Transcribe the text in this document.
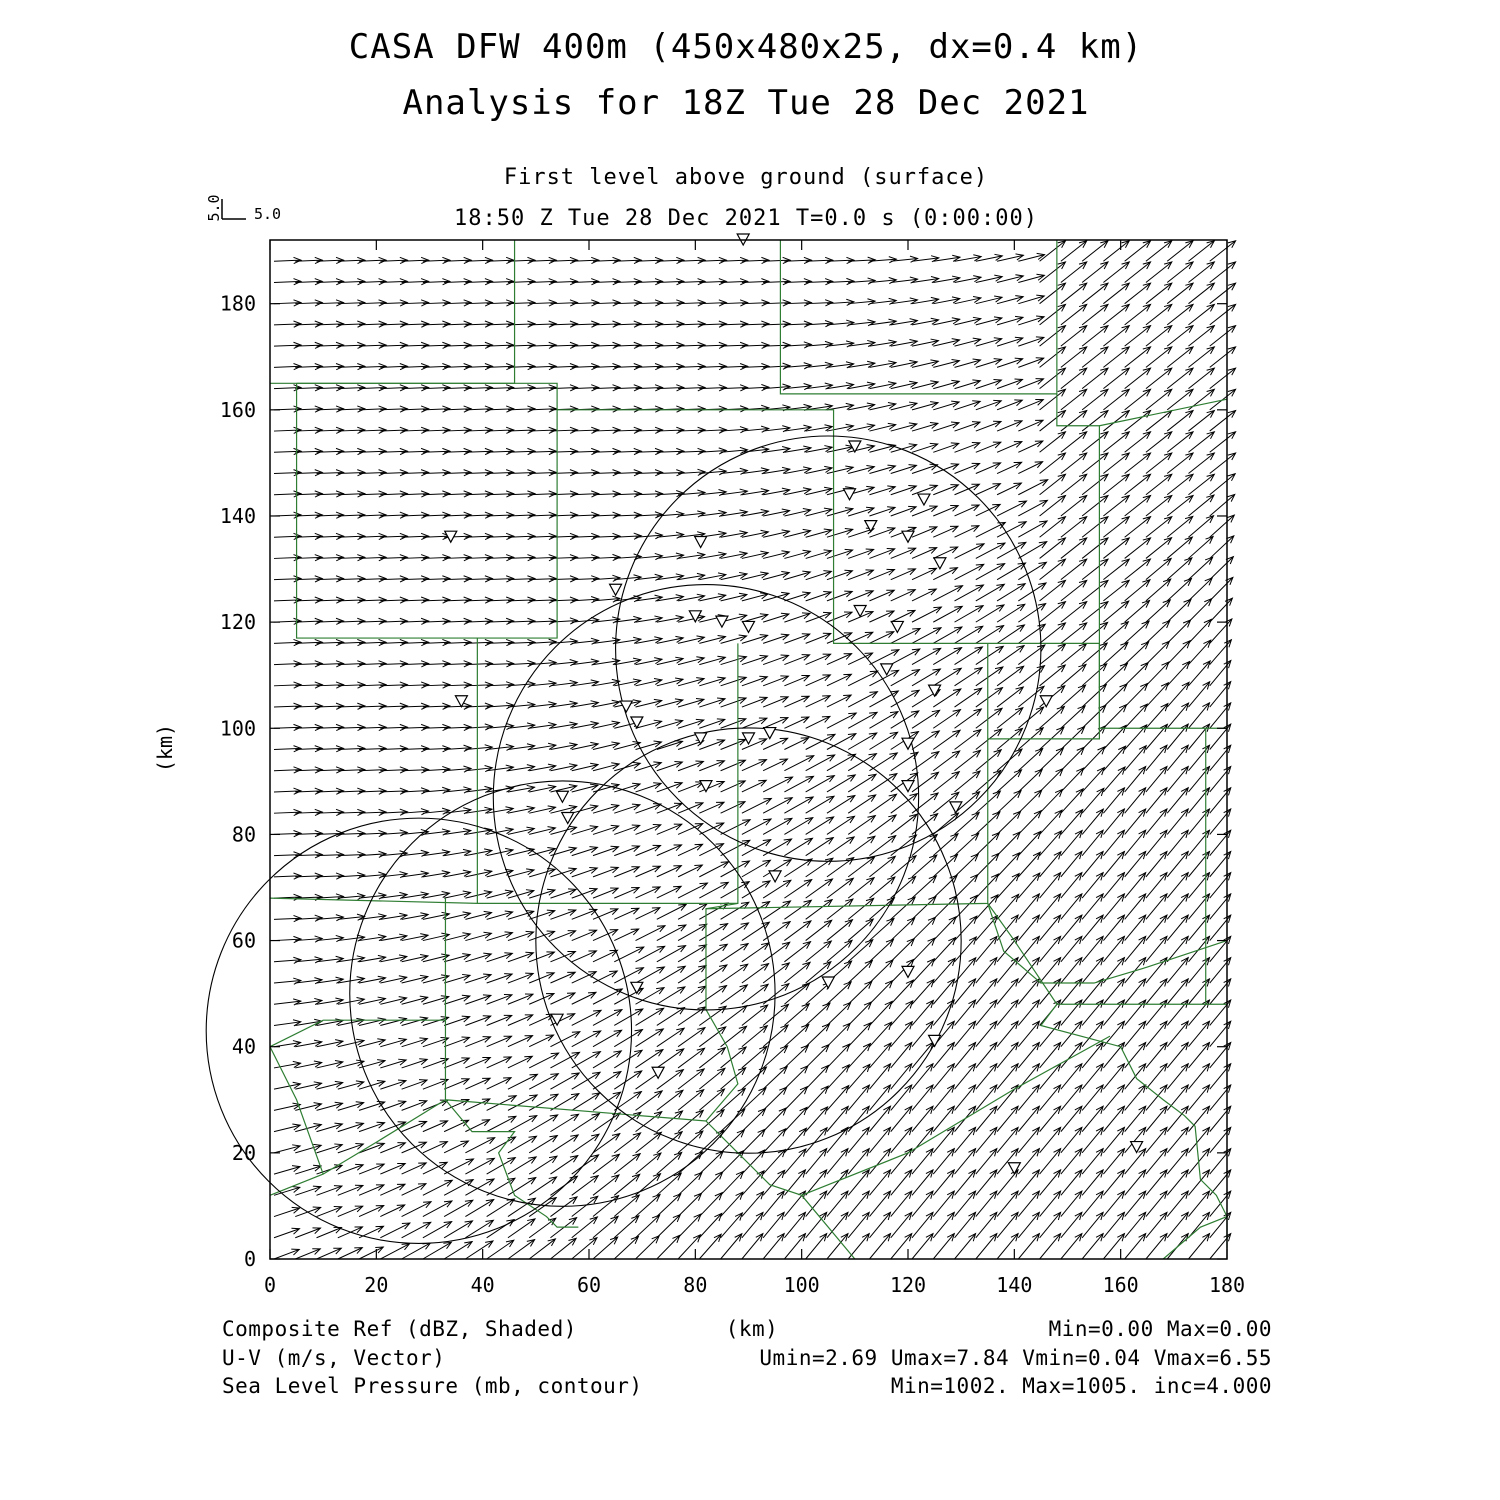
CASA DFW 400m (450x480x25, dx=0.4 km)
Analysis for 18Z Tue 28 Dec 2021
First level above ground (surface)
18:50 Z Tue 28 Dec 2021 T=0.0 s (0:00:00)
5.0 5.0
0	20	40	60	80	100	120	140	160	180
0
20
40
60
80
100
120
140
160
180
(km)
Composite Ref (dBZ, Shaded)	(km)	Min=0.00 Max=0.00
U-V (m/s, Vector)	Umin=2.69 Umax=7.84 Vmin=0.04 Vmax=6.55
Sea Level Pressure (mb, contour)	Min=1002. Max=1005. inc=4.000
